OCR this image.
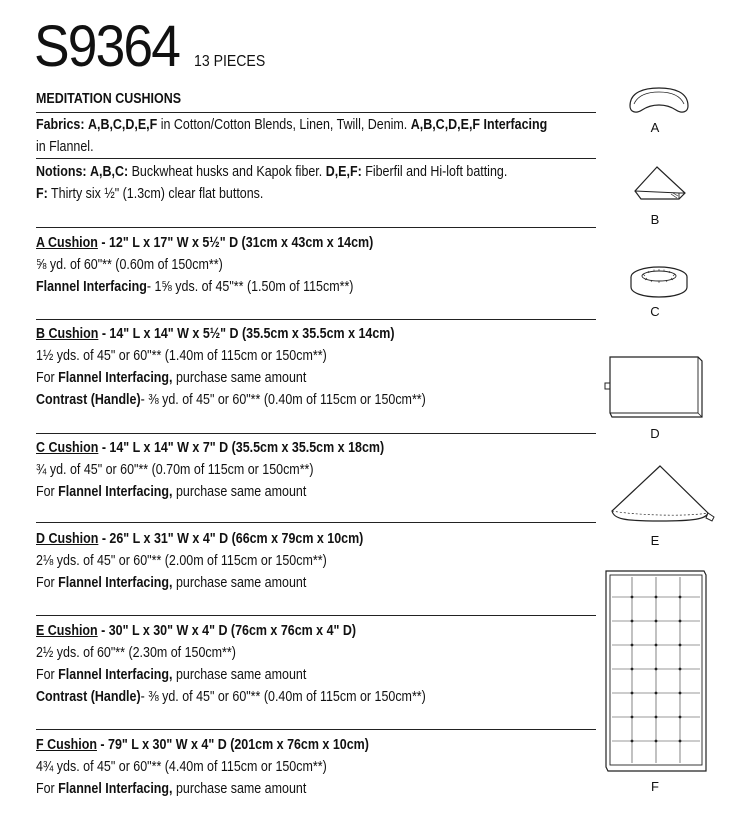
S9364 13 PIECES
MEDITATION CUSHIONS
Fabrics: A,B,C,D,E,F in Cotton/Cotton Blends, Linen, Twill, Denim. A,B,C,D,E,F Interfacing
in Flannel.
Notions: A,B,C: Buckwheat husks and Kapok fiber. D,E,F: Fiberfil and Hi-loft batting.
F: Thirty six ½" (1.3cm) clear flat buttons.
A Cushion - 12" L x 17" W x 5½" D (31cm x 43cm x 14cm)
⅝ yd. of 60"** (0.60m of 150cm**)
Flannel Interfacing- 1⅝ yds. of 45"** (1.50m of 115cm**)
B Cushion - 14" L x 14" W x 5½" D (35.5cm x 35.5cm x 14cm)
1½ yds. of 45" or 60"** (1.40m of 115cm or 150cm**)
For Flannel Interfacing, purchase same amount
Contrast (Handle)- ⅜ yd. of 45" or 60"** (0.40m of 115cm or 150cm**)
C Cushion - 14" L x 14" W x 7" D (35.5cm x 35.5cm x 18cm)
¾ yd. of 45" or 60"** (0.70m of 115cm or 150cm**)
For Flannel Interfacing, purchase same amount
D Cushion - 26" L x 31" W x 4" D (66cm x 79cm x 10cm)
2⅛ yds. of 45" or 60"** (2.00m of 115cm or 150cm**)
For Flannel Interfacing, purchase same amount
E Cushion - 30" L x 30" W x 4" D (76cm x 76cm x 4" D)
2½ yds. of 60"** (2.30m of 150cm**)
For Flannel Interfacing, purchase same amount
Contrast (Handle)- ⅜ yd. of 45" or 60"** (0.40m of 115cm or 150cm**)
F Cushion - 79" L x 30" W x 4" D (201cm x 76cm x 10cm)
4¾ yds. of 45" or 60"** (4.40m of 115cm or 150cm**)
For Flannel Interfacing, purchase same amount
A
B
C
D
E
F
